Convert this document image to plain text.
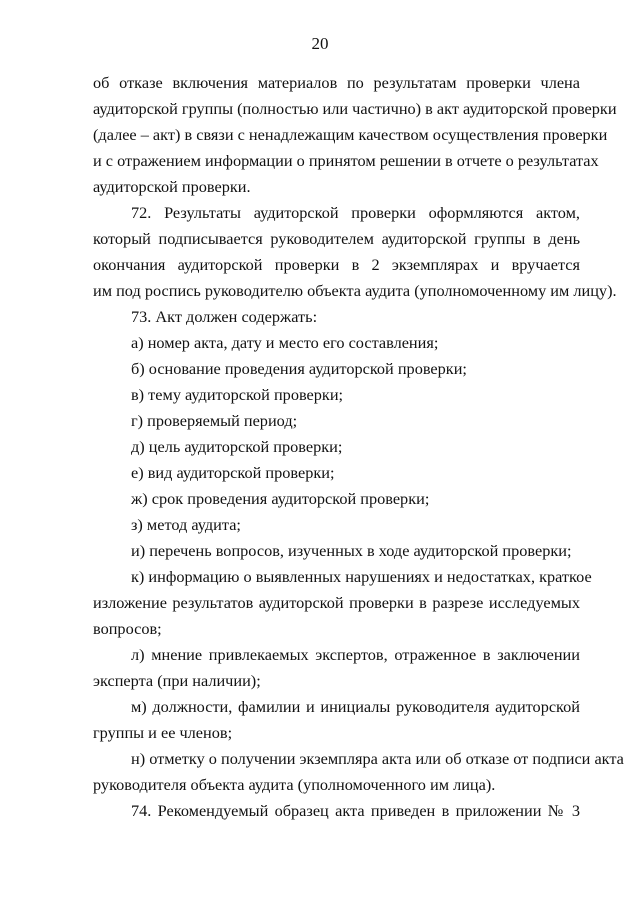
20
об отказе включения материалов по результатам проверки члена
аудиторской группы (полностью или частично) в акт аудиторской проверки
(далее – акт) в связи с ненадлежащим качеством осуществления проверки
и с отражением информации о принятом решении в отчете о результатах
аудиторской проверки.
72. Результаты аудиторской проверки оформляются актом,
который подписывается руководителем аудиторской группы в день
окончания аудиторской проверки в 2 экземплярах и вручается
им под роспись руководителю объекта аудита (уполномоченному им лицу).
73. Акт должен содержать:
а) номер акта, дату и место его составления;
б) основание проведения аудиторской проверки;
в) тему аудиторской проверки;
г) проверяемый период;
д) цель аудиторской проверки;
е) вид аудиторской проверки;
ж) срок проведения аудиторской проверки;
з) метод аудита;
и) перечень вопросов, изученных в ходе аудиторской проверки;
к) информацию о выявленных нарушениях и недостатках, краткое
изложение результатов аудиторской проверки в разрезе исследуемых
вопросов;
л) мнение привлекаемых экспертов, отраженное в заключении
эксперта (при наличии);
м) должности, фамилии и инициалы руководителя аудиторской
группы и ее членов;
н) отметку о получении экземпляра акта или об отказе от подписи акта
руководителя объекта аудита (уполномоченного им лица).
74. Рекомендуемый образец акта приведен в приложении № 3
